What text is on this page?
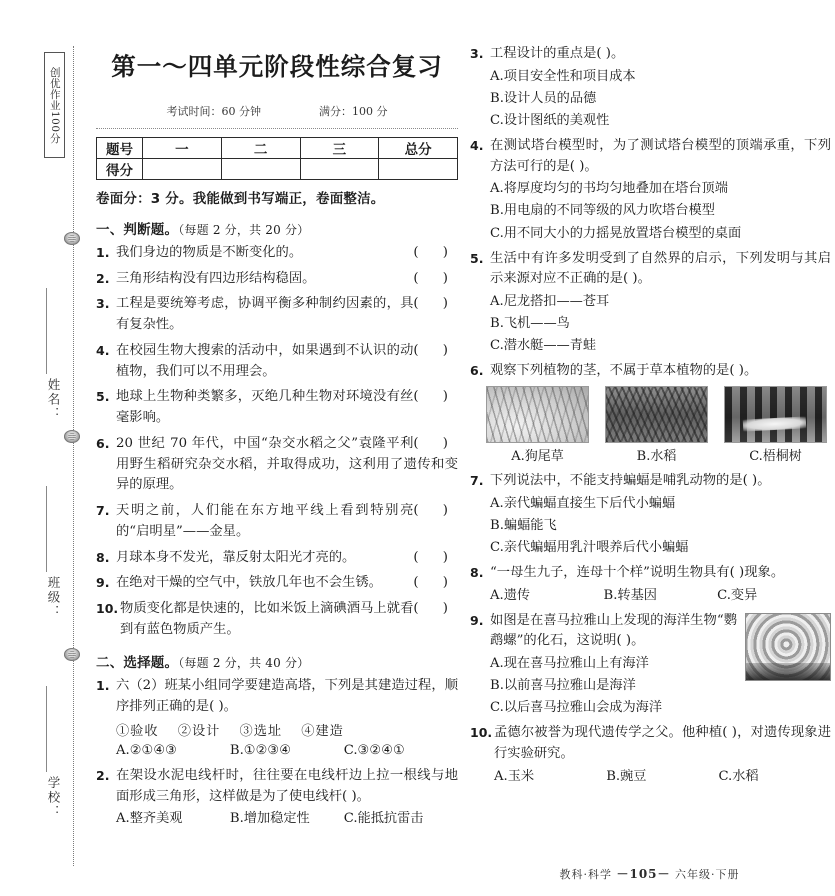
创优作业100分
姓名：
班级：
学校：
第一～四单元阶段性综合复习
考试时间：60 分钟	满分：100 分
题号	一	二	三	总分
得分				
卷面分：3 分。我能做到书写端正，卷面整洁。
一、判断题。（每题 2 分，共 20 分）
1.	( )
我们身边的物质是不断变化的。
2.	( )
三角形结构没有四边形结构稳固。
3.	( )
工程是要统筹考虑，协调平衡多种制约因素的，具有复杂性。
4.	( )
在校园生物大搜索的活动中，如果遇到不认识的动植物，我们可以不用理会。
5.	( )
地球上生物种类繁多，灭绝几种生物对环境没有丝毫影响。
6.	( )
20 世纪 70 年代，中国“杂交水稻之父”袁隆平利用野生稻研究杂交水稻，并取得成功，这利用了遗传和变异的原理。
7.	( )
天明之前，人们能在东方地平线上看到特别亮的“启明星”——金星。
8.	( )
月球本身不发光，靠反射太阳光才亮的。
9.	( )
在绝对干燥的空气中，铁放几年也不会生锈。
10.	( )
物质变化都是快速的，比如米饭上滴碘酒马上就看到有蓝色物质产生。
二、选择题。（每题 2 分，共 40 分）
1. 六（2）班某小组同学要建造高塔，下列是其建造过程，顺序排列正确的是( )。
①验收 ②设计 ③选址 ④建造
A.②①④③	B.①②③④	C.③②④①
2. 在架设水泥电线杆时，往往要在电线杆边上拉一根线与地面形成三角形，这样做是为了使电线杆( )。
A.整齐美观	B.增加稳定性	C.能抵抗雷击
3. 工程设计的重点是( )。
A.项目安全性和项目成本
B.设计人员的品德
C.设计图纸的美观性
4. 在测试塔台模型时，为了测试塔台模型的顶端承重，下列方法可行的是( )。
A.将厚度均匀的书均匀地叠加在塔台顶端
B.用电扇的不同等级的风力吹塔台模型
C.用不同大小的力摇晃放置塔台模型的桌面
5. 生活中有许多发明受到了自然界的启示，下列发明与其启示来源对应不正确的是( )。
A.尼龙搭扣——苍耳
B.飞机——鸟
C.潜水艇——青蛙
6. 观察下列植物的茎，不属于草本植物的是( )。
A.狗尾草	B.水稻	C.梧桐树
7. 下列说法中，不能支持蝙蝠是哺乳动物的是( )。
A.亲代蝙蝠直接生下后代小蝙蝠
B.蝙蝠能飞
C.亲代蝙蝠用乳汁喂养后代小蝙蝠
8. “一母生九子，连母十个样”说明生物具有( )现象。
A.遗传	B.转基因	C.变异
9. 如图是在喜马拉雅山上发现的海洋生物“鹦鹉螺”的化石，这说明( )。
A.现在喜马拉雅山上有海洋
B.以前喜马拉雅山是海洋
C.以后喜马拉雅山会成为海洋
10. 孟德尔被誉为现代遗传学之父。他种植( )，对遗传现象进行实验研究。
A.玉米	B.豌豆	C.水稻
教科·科学 －105－ 六年级·下册
